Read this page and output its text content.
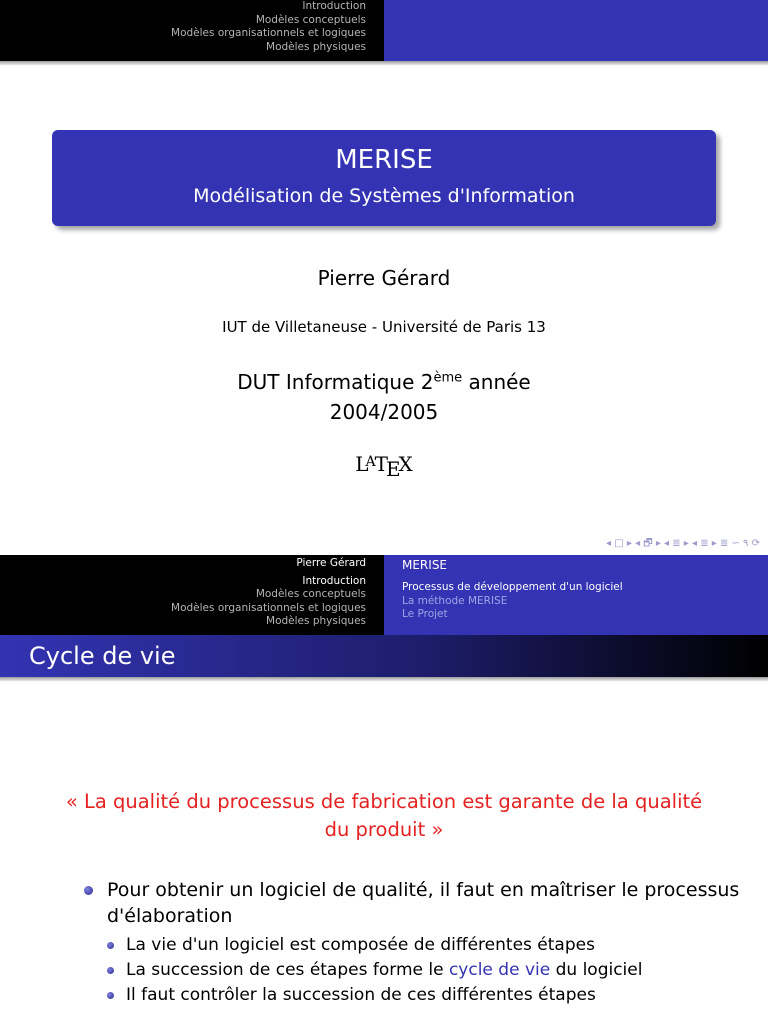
Introduction
Modèles conceptuels
Modèles organisationnels et logiques
Modèles physiques
MERISE
Modélisation de Systèmes d'Information
Pierre Gérard
IUT de Villetaneuse - Université de Paris 13
DUT Informatique 2ème année
2004/2005
$L^ATEX$
◂ □ ▸ ◂ 🗗 ▸ ◂ ≣ ▸ ◂ ≣ ▸ ≣ ∽ ۹ ⟳
Pierre Gérard
Introduction
Modèles conceptuels
Modèles organisationnels et logiques
Modèles physiques
MERISE
Processus de développement d'un logiciel
La méthode MERISE
Le Projet
Cycle de vie
« La qualité du processus de fabrication est garante de la qualité du produit »
Pour obtenir un logiciel de qualité, il faut en maîtriser le processus d'élaboration
La vie d'un logiciel est composée de différentes étapes
La succession de ces étapes forme le cycle de vie du logiciel
Il faut contrôler la succession de ces différentes étapes
